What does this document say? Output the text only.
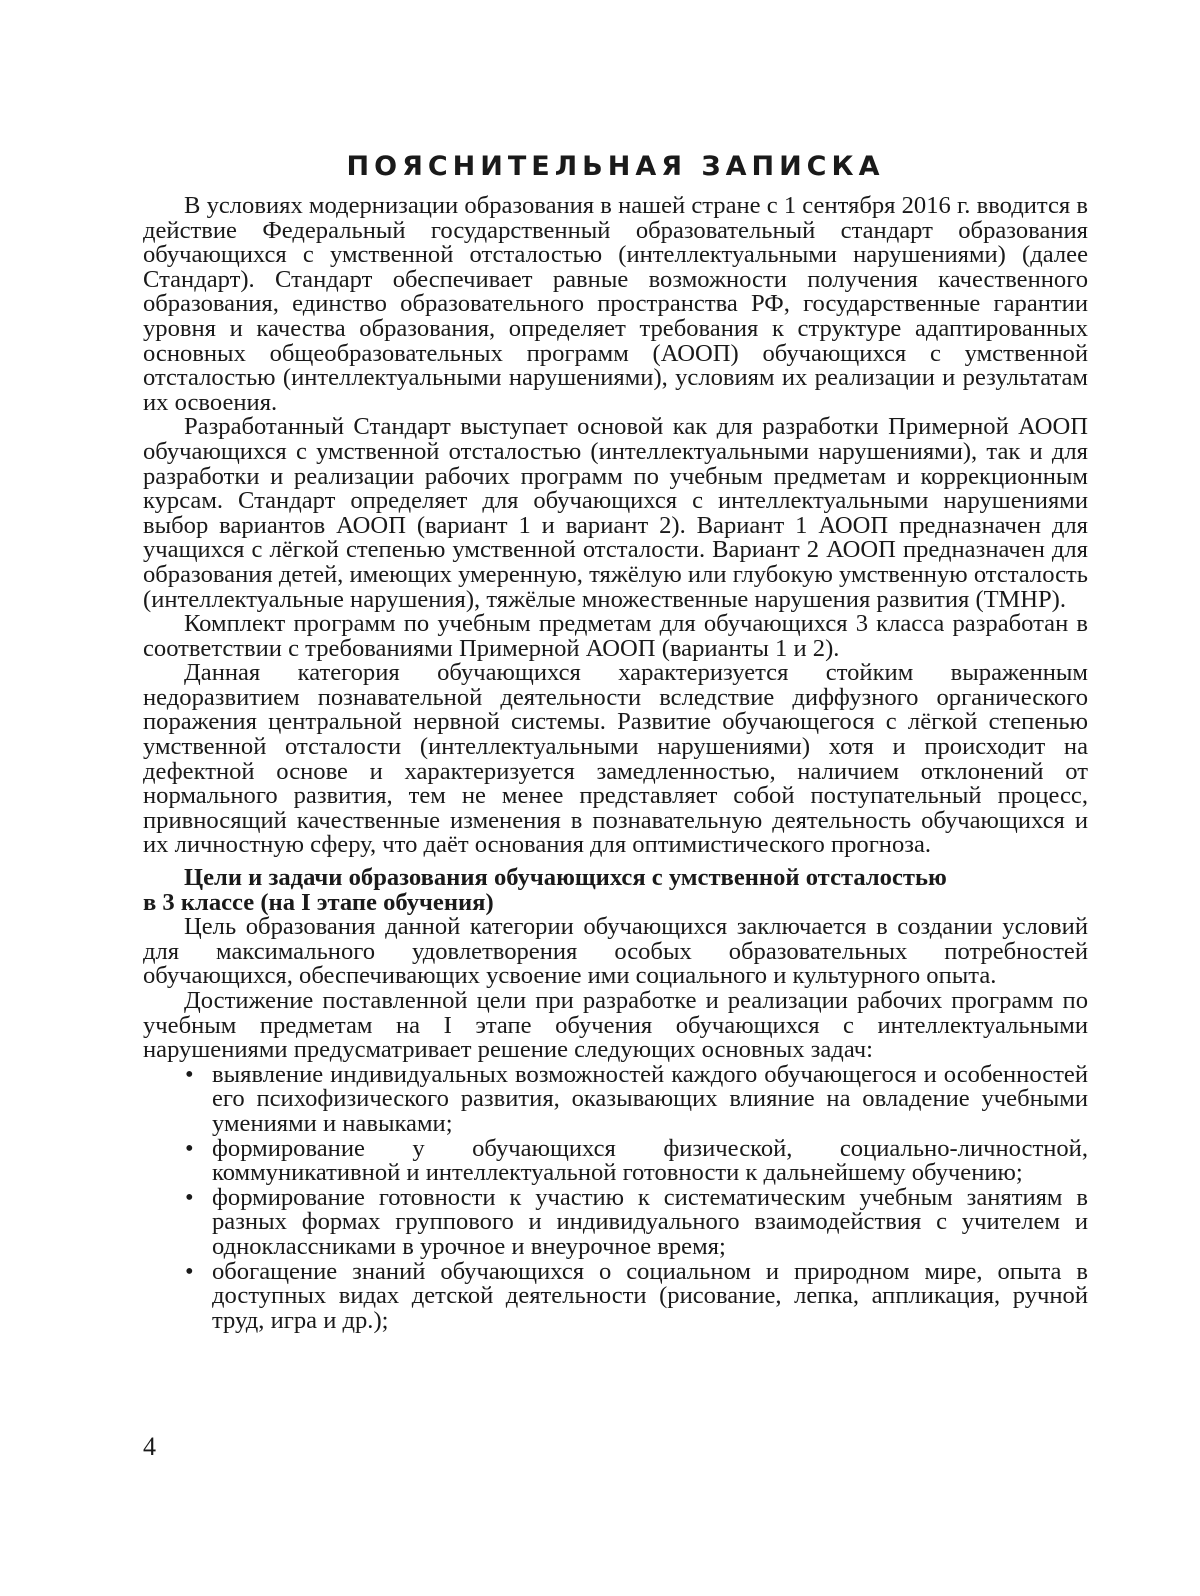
ПОЯСНИТЕЛЬНАЯ ЗАПИСКА

В условиях модернизации образования в нашей стране с 1 сентября 2016 г. вводится в действие Федеральный государственный образовательный стандарт образования обучающихся с умственной отсталостью (интеллектуальными нарушениями) (далее Стандарт). Стандарт обеспечивает равные возможности получения качественного образования, единство образовательного пространства РФ, государственные гарантии уровня и качества образования, определяет требования к структуре адаптированных основных общеобразовательных программ (АООП) обучающихся с умственной отсталостью (интеллектуальными нарушениями), условиям их реализации и результатам их освоения.

Разработанный Стандарт выступает основой как для разработки Примерной АООП обучающихся с умственной отсталостью (интеллектуальными нарушениями), так и для разработки и реализации рабочих программ по учебным предметам и коррекционным курсам. Стандарт определяет для обучающихся с интеллектуальными нарушениями выбор вариантов АООП (вариант 1 и вариант 2). Вариант 1 АООП предназначен для учащихся с лёгкой степенью умственной отсталости. Вариант 2 АООП предназначен для образования детей, имеющих умеренную, тяжёлую или глубокую умственную отсталость (интеллектуальные нарушения), тяжёлые множественные нарушения развития (ТМНР).

Комплект программ по учебным предметам для обучающихся 3 класса разработан в соответствии с требованиями Примерной АООП (варианты 1 и 2).

Данная категория обучающихся характеризуется стойким выраженным недоразвитием познавательной деятельности вследствие диффузного органического поражения центральной нервной системы. Развитие обучающегося с лёгкой степенью умственной отсталости (интеллектуальными нарушениями) хотя и происходит на дефектной основе и характеризуется замедленностью, наличием отклонений от нормального развития, тем не менее представляет собой поступательный процесс, привносящий качественные изменения в познавательную деятельность обучающихся и их личностную сферу, что даёт основания для оптимистического прогноза.

Цели и задачи образования обучающихся с умственной отсталостью
в 3 классе (на I этапе обучения)

Цель образования данной категории обучающихся заключается в создании условий для максимального удовлетворения особых образовательных потребностей обучающихся, обеспечивающих усвоение ими социального и культурного опыта.

Достижение поставленной цели при разработке и реализации рабочих программ по учебным предметам на I этапе обучения обучающихся с интеллектуальными нарушениями предусматривает решение следующих основных задач:

• выявление индивидуальных возможностей каждого обучающегося и особенностей его психофизического развития, оказывающих влияние на овладение учебными умениями и навыками;
• формирование у обучающихся физической, социально-личностной, коммуникативной и интеллектуальной готовности к дальнейшему обучению;
• формирование готовности к участию к систематическим учебным занятиям в разных формах группового и индивидуального взаимодействия с учителем и одноклассниками в урочное и внеурочное время;
• обогащение знаний обучающихся о социальном и природном мире, опыта в доступных видах детской деятельности (рисование, лепка, аппликация, ручной труд, игра и др.);
4
